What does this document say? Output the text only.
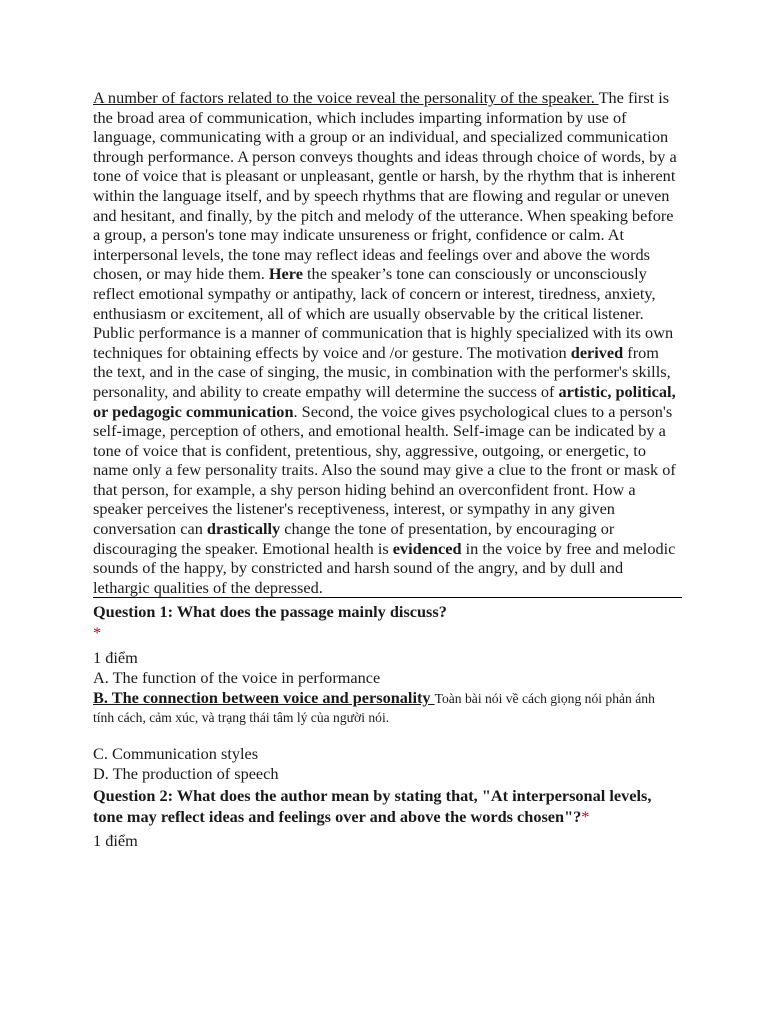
A number of factors related to the voice reveal the personality of the speaker. The first is the broad area of communication, which includes imparting information by use of language, communicating with a group or an individual, and specialized communication through performance. A person conveys thoughts and ideas through choice of words, by a tone of voice that is pleasant or unpleasant, gentle or harsh, by the rhythm that is inherent within the language itself, and by speech rhythms that are flowing and regular or uneven and hesitant, and finally, by the pitch and melody of the utterance. When speaking before a group, a person's tone may indicate unsureness or fright, confidence or calm. At interpersonal levels, the tone may reflect ideas and feelings over and above the words chosen, or may hide them. Here the speaker’s tone can consciously or unconsciously reflect emotional sympathy or antipathy, lack of concern or interest, tiredness, anxiety, enthusiasm or excitement, all of which are usually observable by the critical listener. Public performance is a manner of communication that is highly specialized with its own techniques for obtaining effects by voice and /or gesture. The motivation derived from the text, and in the case of singing, the music, in combination with the performer's skills, personality, and ability to create empathy will determine the success of artistic, political, or pedagogic communication. Second, the voice gives psychological clues to a person's self-image, perception of others, and emotional health. Self-image can be indicated by a tone of voice that is confident, pretentious, shy, aggressive, outgoing, or energetic, to name only a few personality traits. Also the sound may give a clue to the front or mask of that person, for example, a shy person hiding behind an overconfident front. How a speaker perceives the listener's receptiveness, interest, or sympathy in any given conversation can drastically change the tone of presentation, by encouraging or discouraging the speaker. Emotional health is evidenced in the voice by free and melodic sounds of the happy, by constricted and harsh sound of the angry, and by dull and lethargic qualities of the depressed.

Question 1: What does the passage mainly discuss?

*
1 điểm
A. The function of the voice in performance
B. The connection between voice and personality Toàn bài nói về cách giọng nói phản ánh tính cách, cảm xúc, và trạng thái tâm lý của người nói.
C. Communication styles
D. The production of speech

Question 2: What does the author mean by stating that, "At interpersonal levels, tone may reflect ideas and feelings over and above the words chosen"?*

1 điểm
